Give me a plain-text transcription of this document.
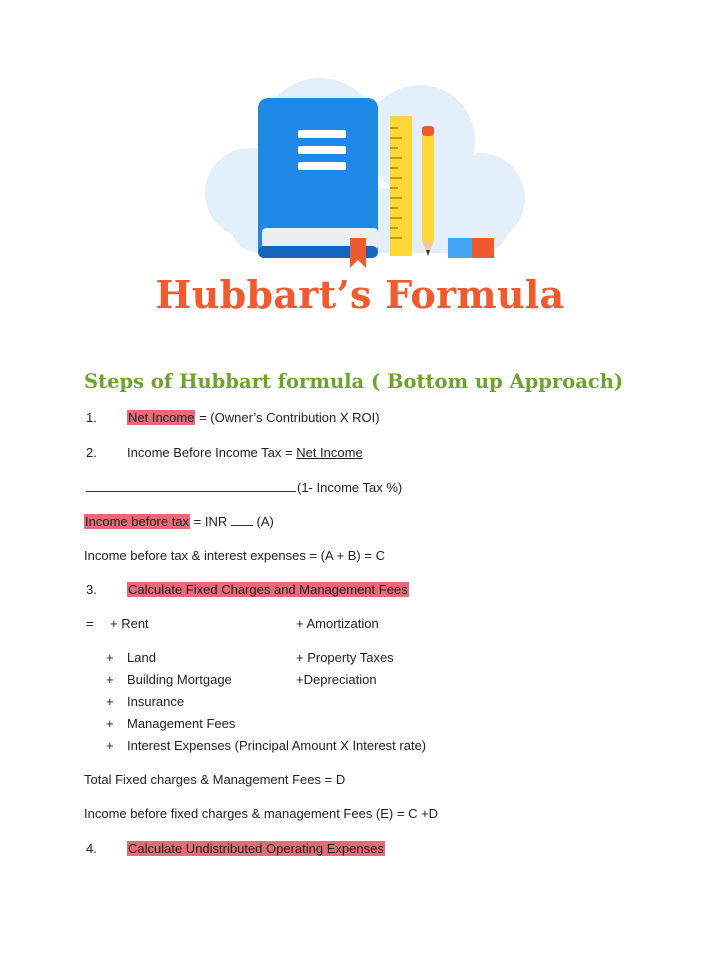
Hubbart’s Formula
Steps of Hubbart formula ( Bottom up Approach)
1. Net Income = (Owner’s Contribution X ROI)
2. Income Before Income Tax = Net Income
(1- Income Tax %)
Income before tax = INR  (A)
Income before tax & interest expenses = (A + B) = C
3. Calculate Fixed Charges and Management Fees
= + Rent	+ Amortization
+ Land	+ Property Taxes
+ Building Mortgage	+Depreciation
+ Insurance
+ Management Fees
+ Interest Expenses (Principal Amount X Interest rate)
Total Fixed charges & Management Fees = D
Income before fixed charges & management Fees (E) = C +D
4. Calculate Undistributed Operating Expenses
